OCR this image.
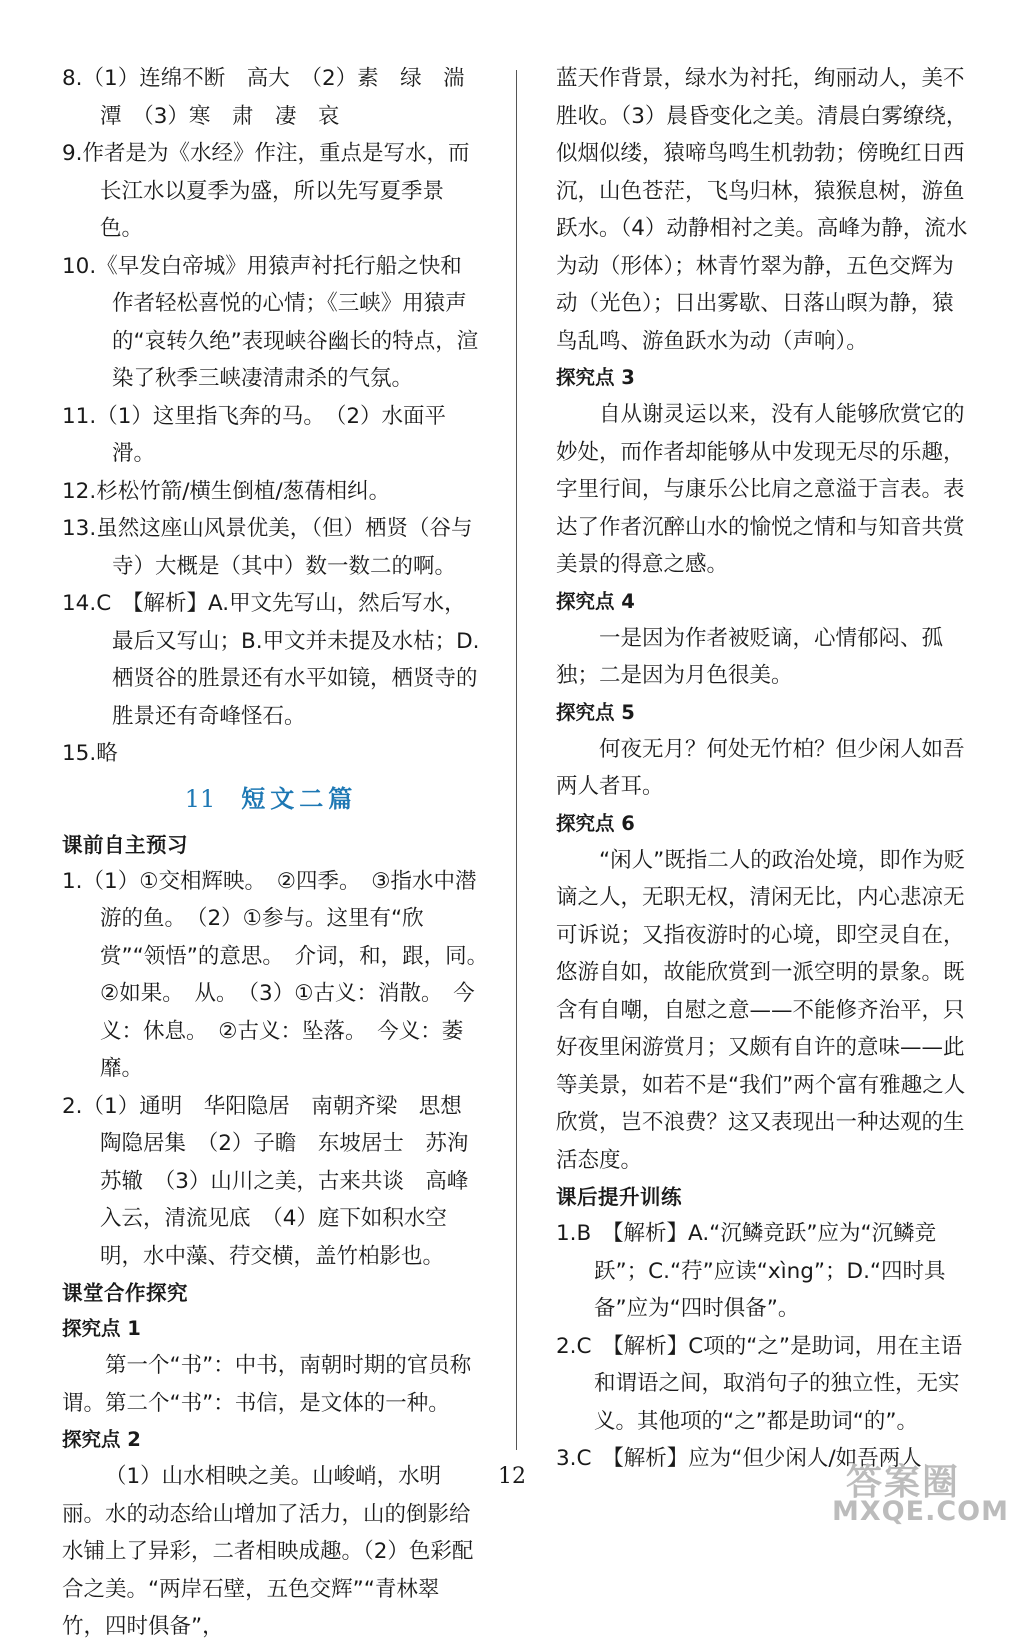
8.（1）连绵不断　高大　（2）素　绿　湍　潭　（3）寒　肃　凄　哀

9.作者是为《水经》作注，重点是写水，而长江水以夏季为盛，所以先写夏季景色。

10.《早发白帝城》用猿声衬托行船之快和作者轻松喜悦的心情；《三峡》用猿声的“哀转久绝”表现峡谷幽长的特点，渲染了秋季三峡凄清肃杀的气氛。

11.（1）这里指飞奔的马。　（2）水面平滑。

12.杉松竹箭/横生倒植/葱蒨相纠。

13.虽然这座山风景优美，（但）栖贤（谷与寺）大概是（其中）数一数二的啊。

14.C　【解析】A.甲文先写山，然后写水，最后又写山；B.甲文并未提及水枯；D.栖贤谷的胜景还有水平如镜，栖贤寺的胜景还有奇峰怪石。

15.略

11 短文二篇

课前自主预习

1.（1）①交相辉映。　②四季。　③指水中潜游的鱼。　（2）①参与。这里有“欣赏”“领悟”的意思。　介词，和，跟，同。　②如果。　从。　（3）①古义：消散。　今义：休息。　②古义：坠落。　今义：萎靡。

2.（1）通明　华阳隐居　南朝齐梁　思想　陶隐居集　（2）子瞻　东坡居士　苏洵　苏辙　（3）山川之美，古来共谈　高峰入云，清流见底　（4）庭下如积水空明，水中藻、荇交横，盖竹柏影也。

课堂合作探究

探究点 1

第一个“书”：中书，南朝时期的官员称谓。第二个“书”：书信，是文体的一种。

探究点 2

（1）山水相映之美。山峻峭，水明丽。水的动态给山增加了活力，山的倒影给水铺上了异彩，二者相映成趣。（2）色彩配合之美。“两岸石壁，五色交辉”“青林翠竹，四时俱备”，

蓝天作背景，绿水为衬托，绚丽动人，美不胜收。（3）晨昏变化之美。清晨白雾缭绕，似烟似缕，猿啼鸟鸣生机勃勃；傍晚红日西沉，山色苍茫，飞鸟归林，猿猴息树，游鱼跃水。（4）动静相衬之美。高峰为静，流水为动（形体）；林青竹翠为静，五色交辉为动（光色）；日出雾歇、日落山暝为静，猿鸟乱鸣、游鱼跃水为动（声响）。

探究点 3

自从谢灵运以来，没有人能够欣赏它的妙处，而作者却能够从中发现无尽的乐趣，字里行间，与康乐公比肩之意溢于言表。表达了作者沉醉山水的愉悦之情和与知音共赏美景的得意之感。

探究点 4

一是因为作者被贬谪，心情郁闷、孤独；二是因为月色很美。

探究点 5

何夜无月？何处无竹柏？但少闲人如吾两人者耳。

探究点 6

“闲人”既指二人的政治处境，即作为贬谪之人，无职无权，清闲无比，内心悲凉无可诉说；又指夜游时的心境，即空灵自在，悠游自如，故能欣赏到一派空明的景象。既含有自嘲，自慰之意——不能修齐治平，只好夜里闲游赏月；又颇有自许的意味——此等美景，如若不是“我们”两个富有雅趣之人欣赏，岂不浪费？这又表现出一种达观的生活态度。

课后提升训练

1.B　【解析】A.“沉鳞竞跃”应为“沉鳞竞跃”；C.“荇”应读“xìng”；D.“四时具备”应为“四时俱备”。

2.C　【解析】C项的“之”是助词，用在主语和谓语之间，取消句子的独立性，无实义。其他项的“之”都是助词“的”。

3.C　【解析】应为“但少闲人/如吾两人

12	答案圈
MXQE.COM
